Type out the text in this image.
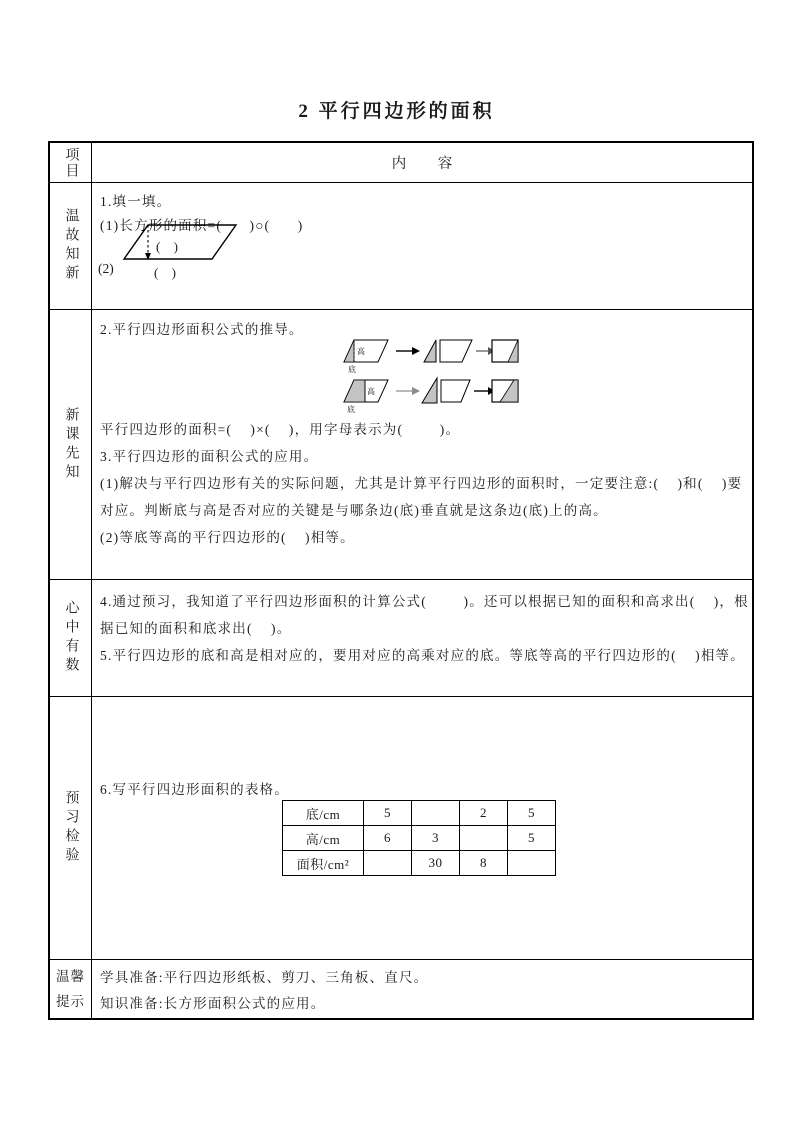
2 平行四边形的面积
项目	内 容
温故知新
1.填一填。
(1)长方形的面积=(      )○(      )
(2)
( )
( )
新课先知
2.平行四边形面积公式的推导。
高
底
高
底
平行四边形的面积=(    )×(    )，用字母表示为(        )。
3.平行四边形的面积公式的应用。
(1)解决与平行四边形有关的实际问题，尤其是计算平行四边形的面积时，一定要注意:(    )和(    )要
对应。判断底与高是否对应的关键是与哪条边(底)垂直就是这条边(底)上的高。
(2)等底等高的平行四边形的(    )相等。
心中有数 4.通过预习，我知道了平行四边形面积的计算公式(        )。还可以根据已知的面积和高求出(    )，根
据已知的面积和底求出(    )。
5.平行四边形的底和高是相对应的，要用对应的高乘对应的底。等底等高的平行四边形的(    )相等。
预习检验
6.写平行四边形面积的表格。
底/cm	5		2	5
高/cm	6	3		5
面积/cm²		30	8	
温馨
提示
学具准备:平行四边形纸板、剪刀、三角板、直尺。
知识准备:长方形面积公式的应用。
